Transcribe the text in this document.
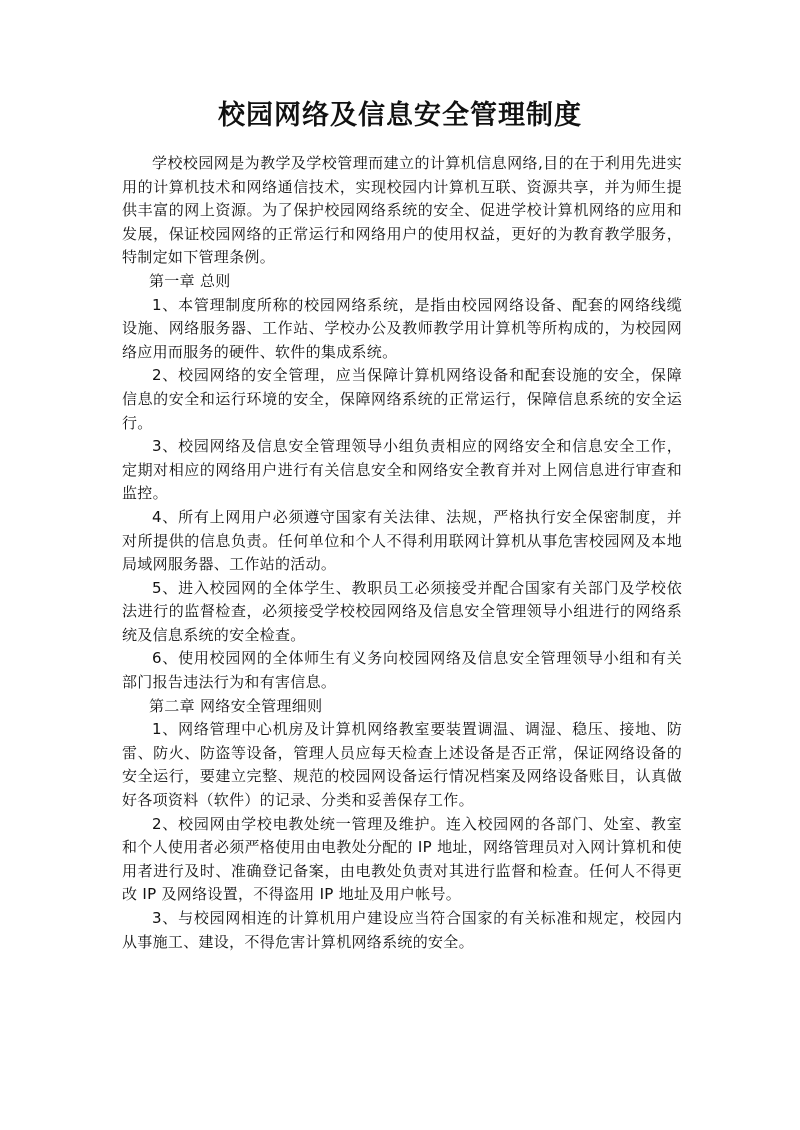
校园网络及信息安全管理制度

学校校园网是为教学及学校管理而建立的计算机信息网络,目的在于利用先进实用的计算机技术和网络通信技术，实现校园内计算机互联、资源共享，并为师生提供丰富的网上资源。为了保护校园网络系统的安全、促进学校计算机网络的应用和发展，保证校园网络的正常运行和网络用户的使用权益，更好的为教育教学服务，特制定如下管理条例。

第一章 总则

1、本管理制度所称的校园网络系统，是指由校园网络设备、配套的网络线缆设施、网络服务器、工作站、学校办公及教师教学用计算机等所构成的，为校园网络应用而服务的硬件、软件的集成系统。

2、校园网络的安全管理，应当保障计算机网络设备和配套设施的安全，保障信息的安全和运行环境的安全，保障网络系统的正常运行，保障信息系统的安全运行。

3、校园网络及信息安全管理领导小组负责相应的网络安全和信息安全工作，定期对相应的网络用户进行有关信息安全和网络安全教育并对上网信息进行审查和监控。

4、所有上网用户必须遵守国家有关法律、法规，严格执行安全保密制度，并对所提供的信息负责。任何单位和个人不得利用联网计算机从事危害校园网及本地局域网服务器、工作站的活动。

5、进入校园网的全体学生、教职员工必须接受并配合国家有关部门及学校依法进行的监督检查，必须接受学校校园网络及信息安全管理领导小组进行的网络系统及信息系统的安全检查。

6、使用校园网的全体师生有义务向校园网络及信息安全管理领导小组和有关部门报告违法行为和有害信息。

第二章 网络安全管理细则

1、网络管理中心机房及计算机网络教室要装置调温、调湿、稳压、接地、防雷、防火、防盗等设备，管理人员应每天检查上述设备是否正常，保证网络设备的安全运行，要建立完整、规范的校园网设备运行情况档案及网络设备账目，认真做好各项资料（软件）的记录、分类和妥善保存工作。

2、校园网由学校电教处统一管理及维护。连入校园网的各部门、处室、教室和个人使用者必须严格使用由电教处分配的 IP 地址，网络管理员对入网计算机和使用者进行及时、准确登记备案，由电教处负责对其进行监督和检查。任何人不得更改 IP 及网络设置，不得盗用 IP 地址及用户帐号。

3、与校园网相连的计算机用户建设应当符合国家的有关标准和规定，校园内从事施工、建设，不得危害计算机网络系统的安全。
